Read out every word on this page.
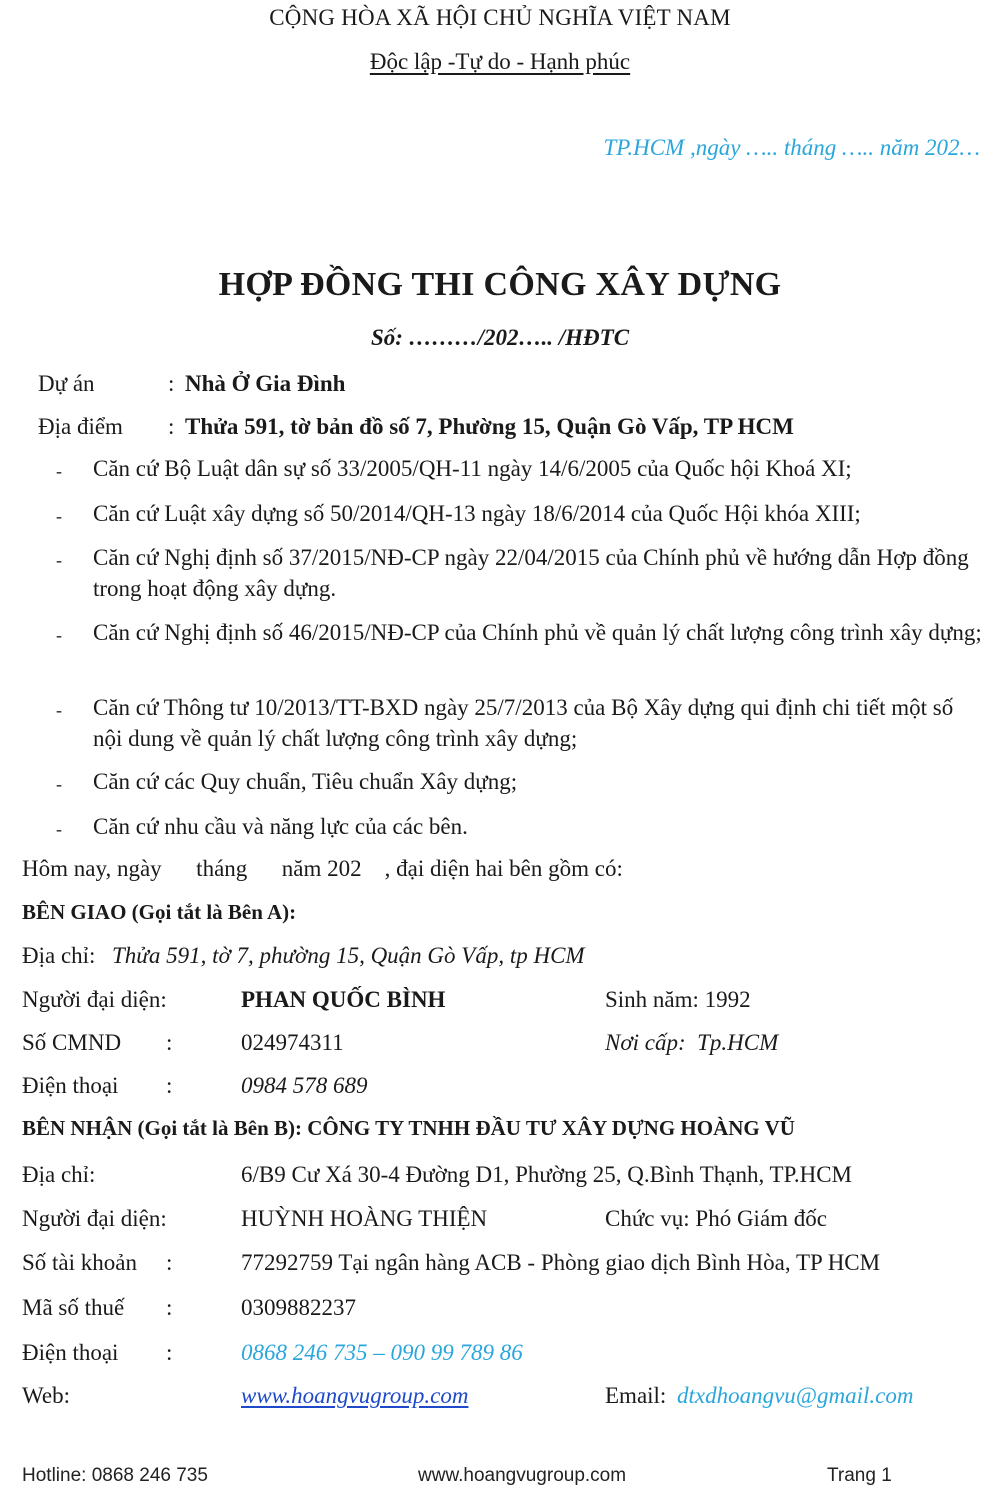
CỘNG HÒA XÃ HỘI CHỦ NGHĨA VIỆT NAM
Độc lập -Tự do - Hạnh phúc
TP.HCM ,ngày ….. tháng ….. năm 202…
HỢP ĐỒNG THI CÔNG XÂY DỰNG
Số: ………/202….. /HĐTC
Dự án	: Nhà Ở Gia Đình
Địa điểm : Thửa 591, tờ bản đồ số 7, Phường 15, Quận Gò Vấp, TP HCM
- Căn cứ Bộ Luật dân sự số 33/2005/QH-11 ngày 14/6/2005 của Quốc hội Khoá XI;
- Căn cứ Luật xây dựng số 50/2014/QH-13 ngày 18/6/2014 của Quốc Hội khóa XIII;
- Căn cứ Nghị định số 37/2015/NĐ-CP ngày 22/04/2015 của Chính phủ về hướng dẫn Hợp đồng trong hoạt động xây dựng.
- Căn cứ Nghị định số 46/2015/NĐ-CP của Chính phủ về quản lý chất lượng công trình xây dựng;
- Căn cứ Thông tư 10/2013/TT-BXD ngày 25/7/2013 của Bộ Xây dựng qui định chi tiết một số nội dung về quản lý chất lượng công trình xây dựng;
- Căn cứ các Quy chuẩn, Tiêu chuẩn Xây dựng;
- Căn cứ nhu cầu và năng lực của các bên.
Hôm nay, ngày      tháng      năm 202    , đại diện hai bên gồm có:
BÊN GIAO (Gọi tắt là Bên A):
Địa chỉ: Thửa 591, tờ 7, phường 15, Quận Gò Vấp, tp HCM
Người đại diện:	PHAN QUỐC BÌNH	Sinh năm: 1992
Số CMND :	024974311	Nơi cấp:  Tp.HCM
Điện thoại :	0984 578 689
BÊN NHẬN (Gọi tắt là Bên B): CÔNG TY TNHH ĐẦU TƯ XÂY DỰNG HOÀNG VŨ
Địa chỉ:	6/B9 Cư Xá 30-4 Đường D1, Phường 25, Q.Bình Thạnh, TP.HCM
Người đại diện:	HUỲNH HOÀNG THIỆN	Chức vụ: Phó Giám đốc
Số tài khoản :	77292759 Tại ngân hàng ACB - Phòng giao dịch Bình Hòa, TP HCM
Mã số thuế :	0309882237
Điện thoại :	0868 246 735 – 090 99 789 86
Web:	www.hoangvugroup.com	Email: dtxdhoangvu@gmail.com
Hotline: 0868 246 735	www.hoangvugroup.com	Trang 1
